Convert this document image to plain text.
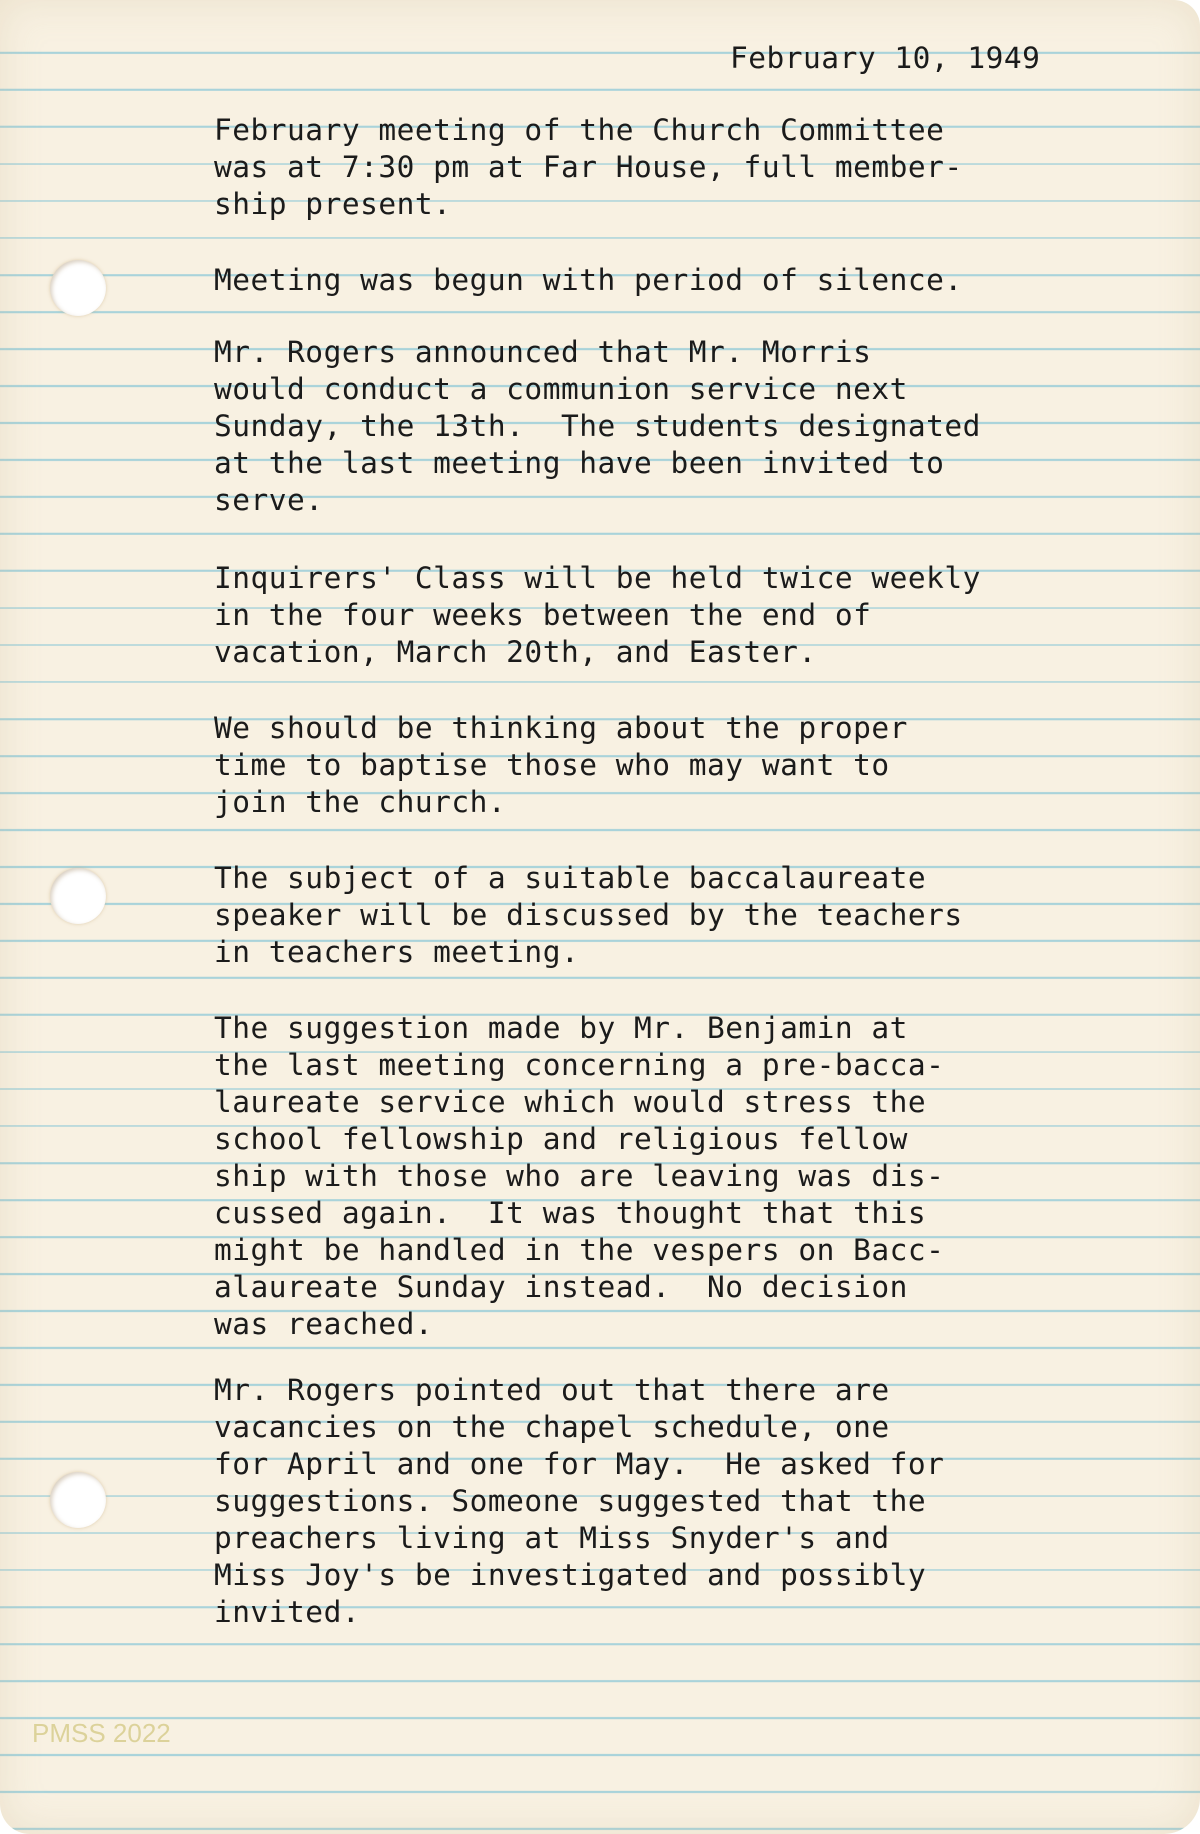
February 10, 1949

February meeting of the Church Committee
was at 7:30 pm at Far House, full member-
ship present.

Meeting was begun with period of silence.

Mr. Rogers announced that Mr. Morris
would conduct a communion service next
Sunday, the 13th.  The students designated
at the last meeting have been invited to
serve.

Inquirers' Class will be held twice weekly
in the four weeks between the end of
vacation, March 20th, and Easter.

We should be thinking about the proper
time to baptise those who may want to
join the church.

The subject of a suitable baccalaureate
speaker will be discussed by the teachers
in teachers meeting.

The suggestion made by Mr. Benjamin at
the last meeting concerning a pre-bacca-
laureate service which would stress the
school fellowship and religious fellow
ship with those who are leaving was dis-
cussed again.  It was thought that this
might be handled in the vespers on Bacc-
alaureate Sunday instead.  No decision
was reached.

Mr. Rogers pointed out that there are
vacancies on the chapel schedule, one
for April and one for May.  He asked for
suggestions. Someone suggested that the
preachers living at Miss Snyder's and
Miss Joy's be investigated and possibly
invited.

PMSS 2022
